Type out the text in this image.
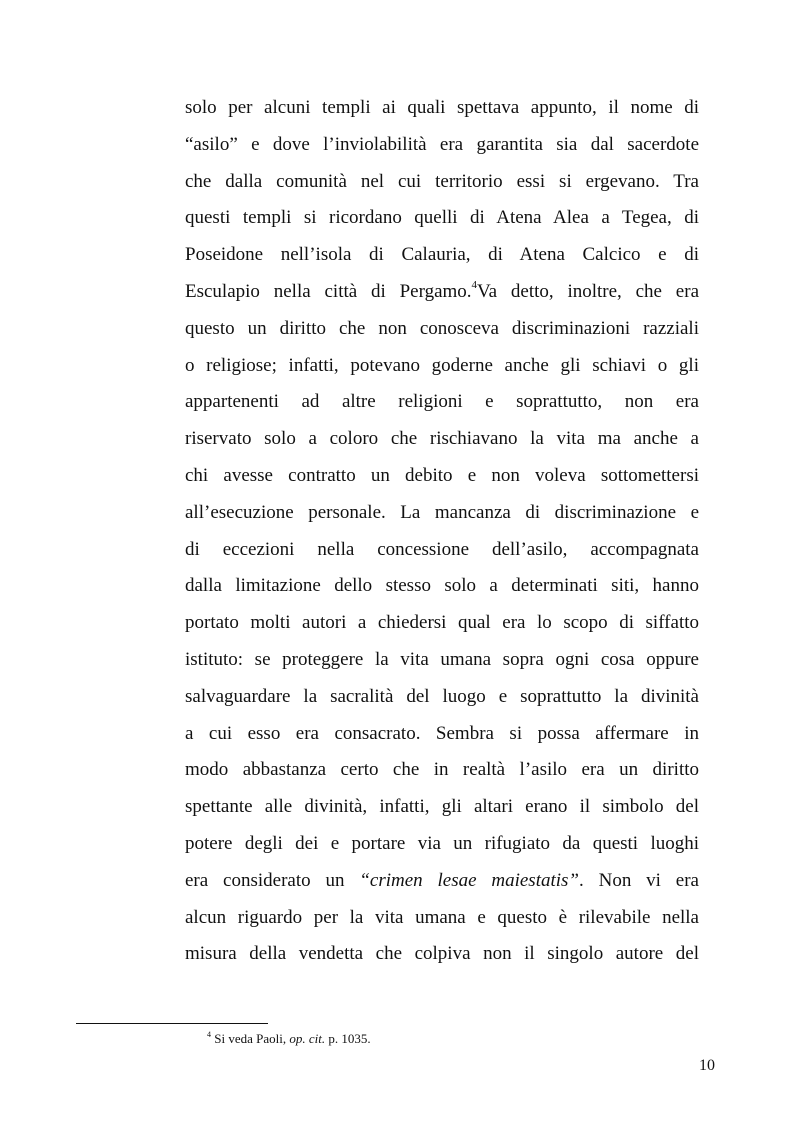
solo per alcuni templi ai quali spettava appunto, il nome di
“asilo” e dove l’inviolabilità era garantita sia dal sacerdote
che dalla comunità nel cui territorio essi si ergevano. Tra
questi templi si ricordano quelli di Atena Alea a Tegea, di
Poseidone nell’isola di Calauria, di Atena Calcico e di
Esculapio nella città di Pergamo.$^4$Va detto, inoltre, che era
questo un diritto che non conosceva discriminazioni razziali
o religiose; infatti, potevano goderne anche gli schiavi o gli
appartenenti ad altre religioni e soprattutto, non era
riservato solo a coloro che rischiavano la vita ma anche a
chi avesse contratto un debito e non voleva sottomettersi
all’esecuzione personale. La mancanza di discriminazione e
di eccezioni nella concessione dell’asilo, accompagnata
dalla limitazione dello stesso solo a determinati siti, hanno
portato molti autori a chiedersi qual era lo scopo di siffatto
istituto: se proteggere la vita umana sopra ogni cosa oppure
salvaguardare la sacralità del luogo e soprattutto la divinità
a cui esso era consacrato. Sembra si possa affermare in
modo abbastanza certo che in realtà l’asilo era un diritto
spettante alle divinità, infatti, gli altari erano il simbolo del
potere degli dei e portare via un rifugiato da questi luoghi
era considerato un “crimen lesae maiestatis”. Non vi era
alcun riguardo per la vita umana e questo è rilevabile nella
misura della vendetta che colpiva non il singolo autore del
$^4$ Si veda Paoli, op. cit. p. 1035.
10
